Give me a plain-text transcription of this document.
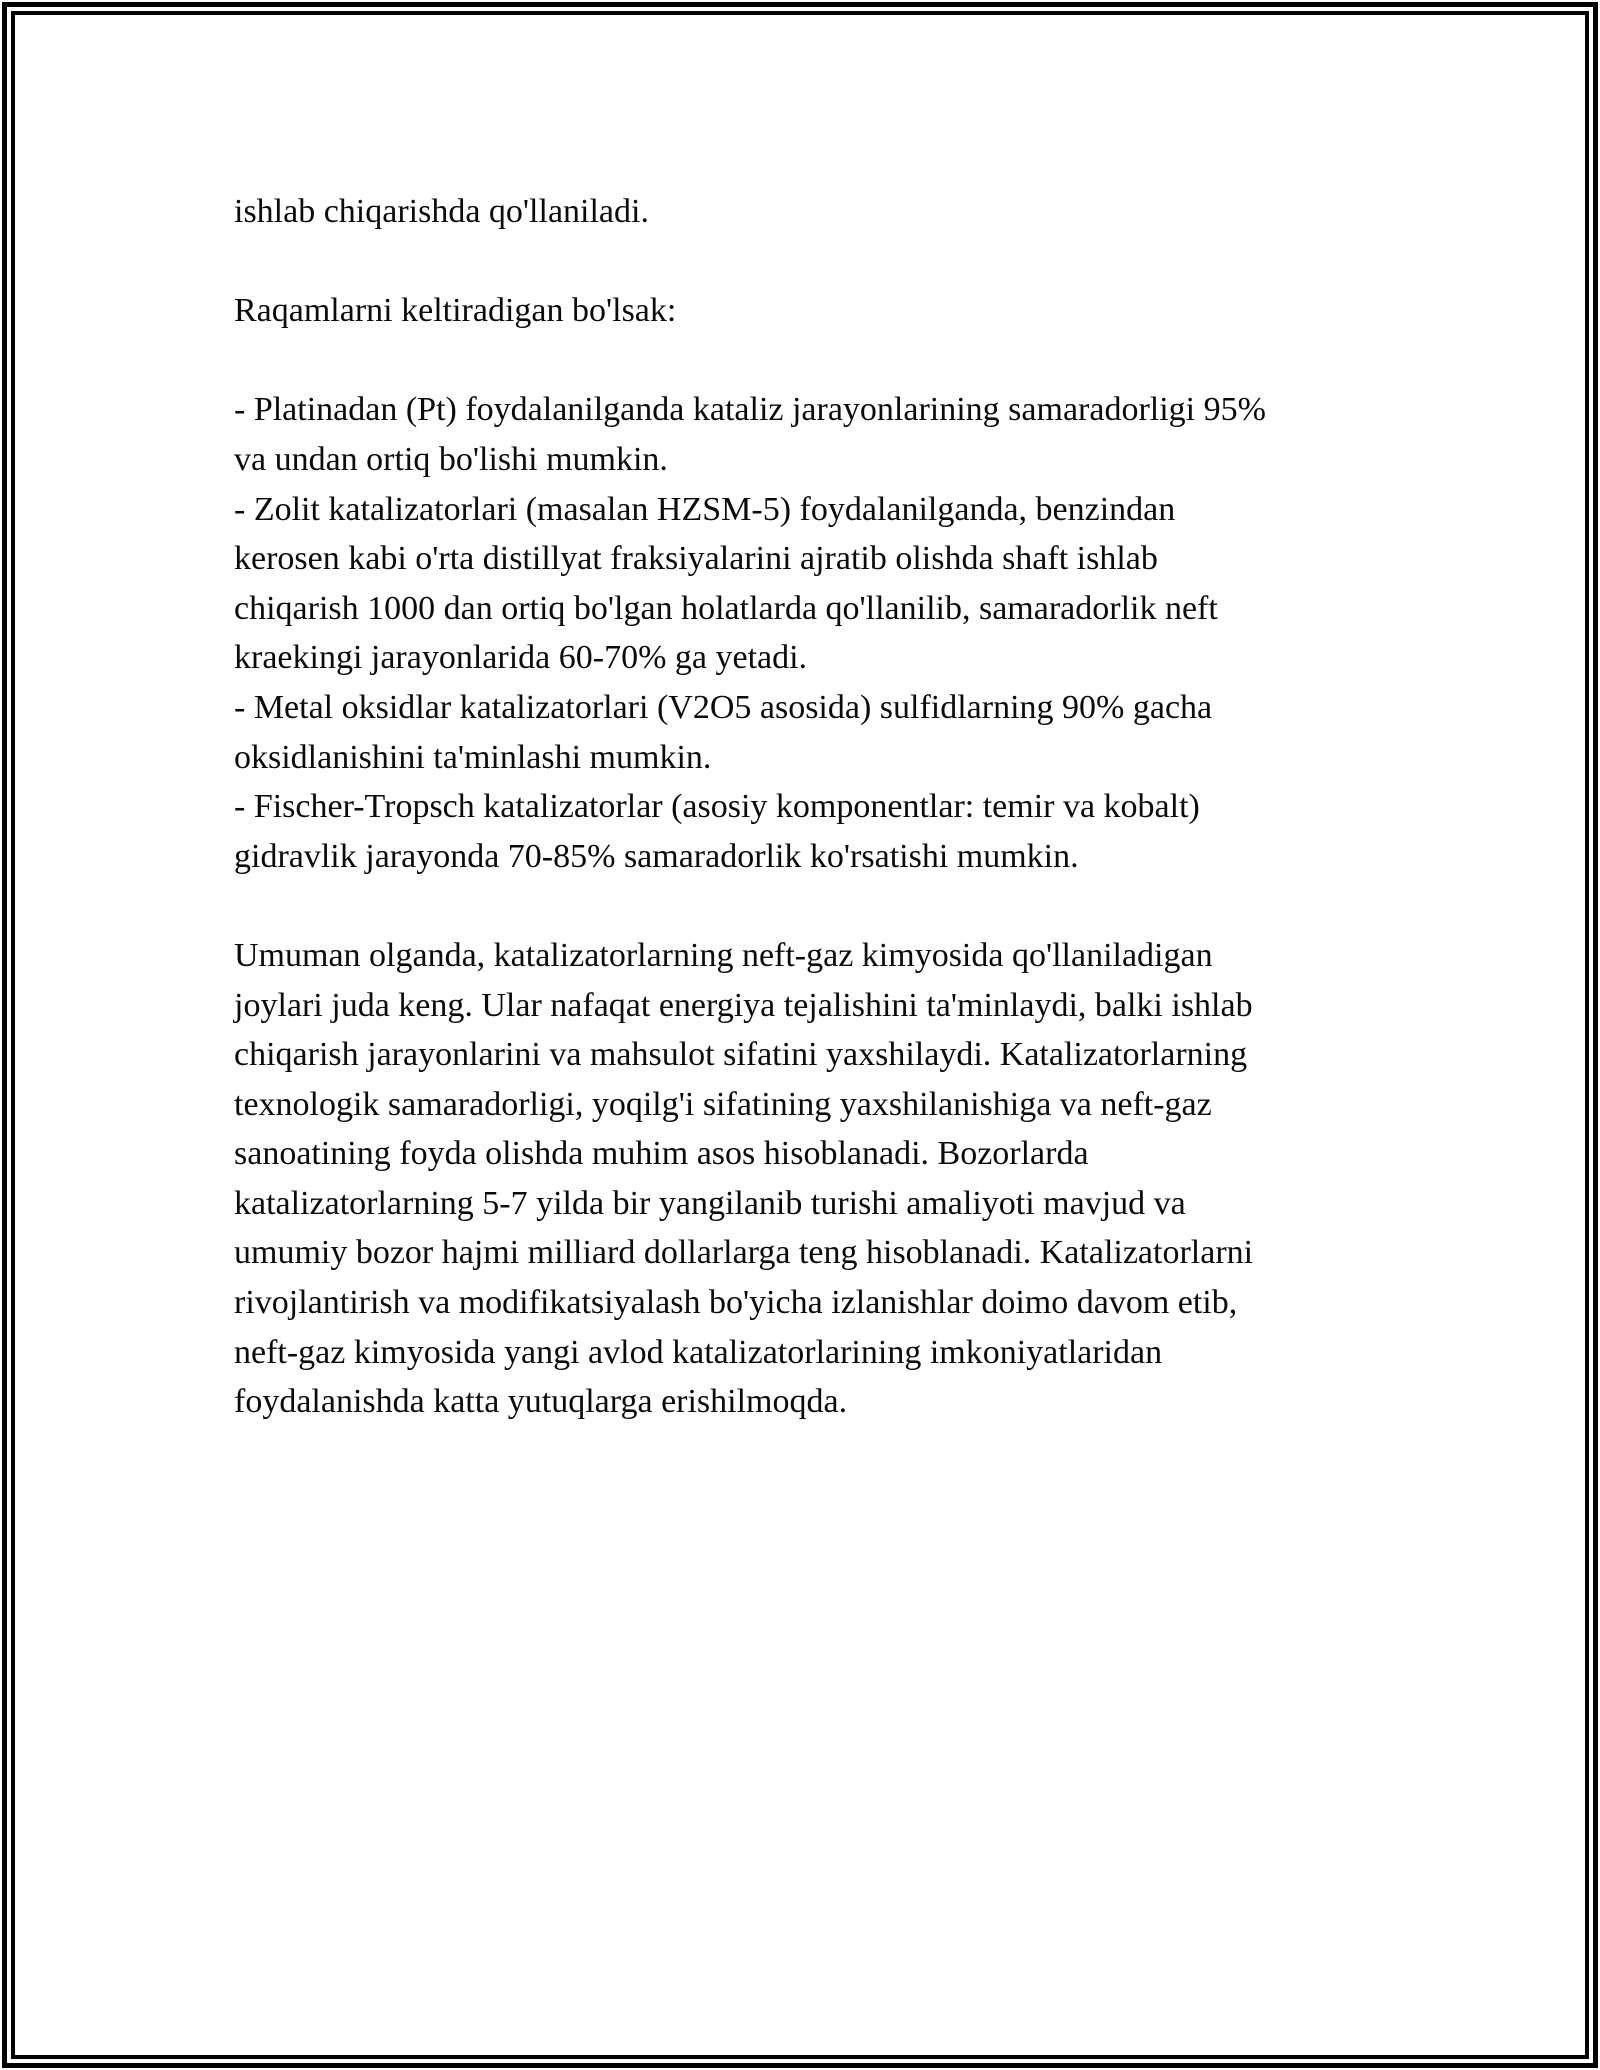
ishlab chiqarishda qo'llaniladi.

Raqamlarni keltiradigan bo'lsak:

- Platinadan (Pt) foydalanilganda kataliz jarayonlarining samaradorligi 95%
va undan ortiq bo'lishi mumkin.
- Zolit katalizatorlari (masalan HZSM-5) foydalanilganda, benzindan
kerosen kabi o'rta distillyat fraksiyalarini ajratib olishda shaft ishlab
chiqarish 1000 dan ortiq bo'lgan holatlarda qo'llanilib, samaradorlik neft
kraekingi jarayonlarida 60-70% ga yetadi.
- Metal oksidlar katalizatorlari (V2O5 asosida) sulfidlarning 90% gacha
oksidlanishini ta'minlashi mumkin.
- Fischer-Tropsch katalizatorlar (asosiy komponentlar: temir va kobalt)
gidravlik jarayonda 70-85% samaradorlik ko'rsatishi mumkin.

Umuman olganda, katalizatorlarning neft-gaz kimyosida qo'llaniladigan
joylari juda keng. Ular nafaqat energiya tejalishini ta'minlaydi, balki ishlab
chiqarish jarayonlarini va mahsulot sifatini yaxshilaydi. Katalizatorlarning
texnologik samaradorligi, yoqilg'i sifatining yaxshilanishiga va neft-gaz
sanoatining foyda olishda muhim asos hisoblanadi. Bozorlarda
katalizatorlarning 5-7 yilda bir yangilanib turishi amaliyoti mavjud va
umumiy bozor hajmi milliard dollarlarga teng hisoblanadi. Katalizatorlarni
rivojlantirish va modifikatsiyalash bo'yicha izlanishlar doimo davom etib,
neft-gaz kimyosida yangi avlod katalizatorlarining imkoniyatlaridan
foydalanishda katta yutuqlarga erishilmoqda.
